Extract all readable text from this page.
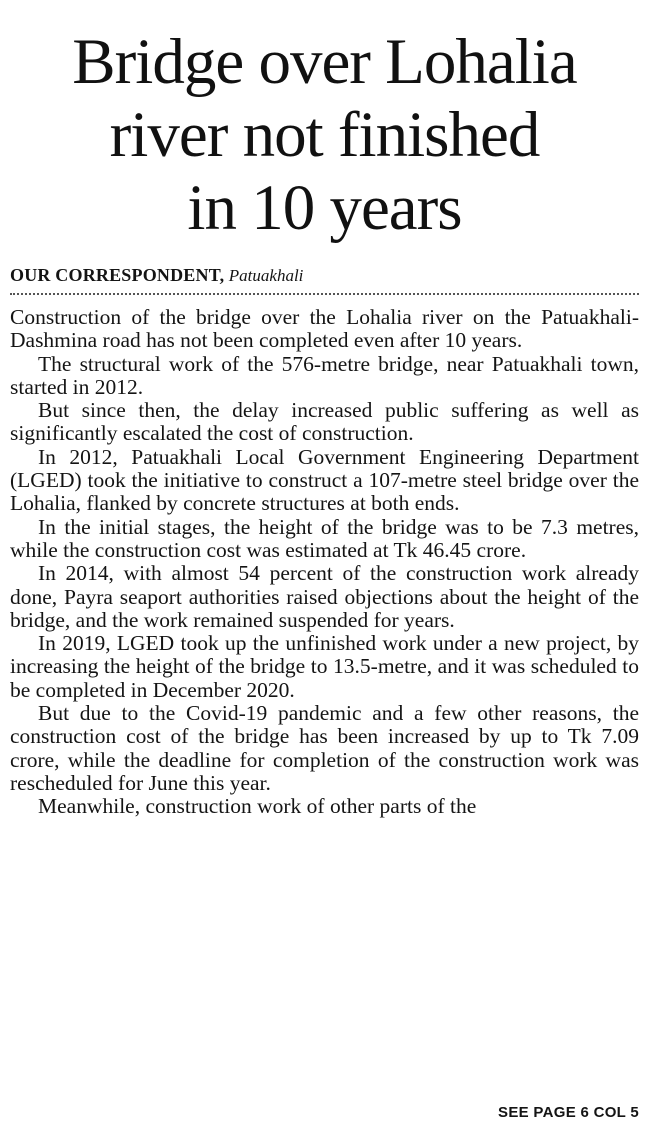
Bridge over Lohalia
river not finished
in 10 years
OUR CORRESPONDENT, Patuakhali

Construction of the bridge over the Lohalia river on the Patuakhali-Dashmina road has not been completed even after 10 years.

The structural work of the 576-metre bridge, near Patuakhali town, started in 2012.

But since then, the delay increased public suffering as well as significantly escalated the cost of construction.

In 2012, Patuakhali Local Government Engineering Department (LGED) took the initiative to construct a 107-metre steel bridge over the Lohalia, flanked by concrete structures at both ends.

In the initial stages, the height of the bridge was to be 7.3 metres, while the construction cost was estimated at Tk 46.45 crore.

In 2014, with almost 54 percent of the construction work already done, Payra seaport authorities raised objections about the height of the bridge, and the work remained suspended for years.

In 2019, LGED took up the unfinished work under a new project, by increasing the height of the bridge to 13.5-metre, and it was scheduled to be completed in December 2020.

But due to the Covid-19 pandemic and a few other reasons, the construction cost of the bridge has been increased by up to Tk 7.09 crore, while the deadline for completion of the construction work was rescheduled for June this year.

Meanwhile, construction work of other parts of the

SEE PAGE 6 COL 5
